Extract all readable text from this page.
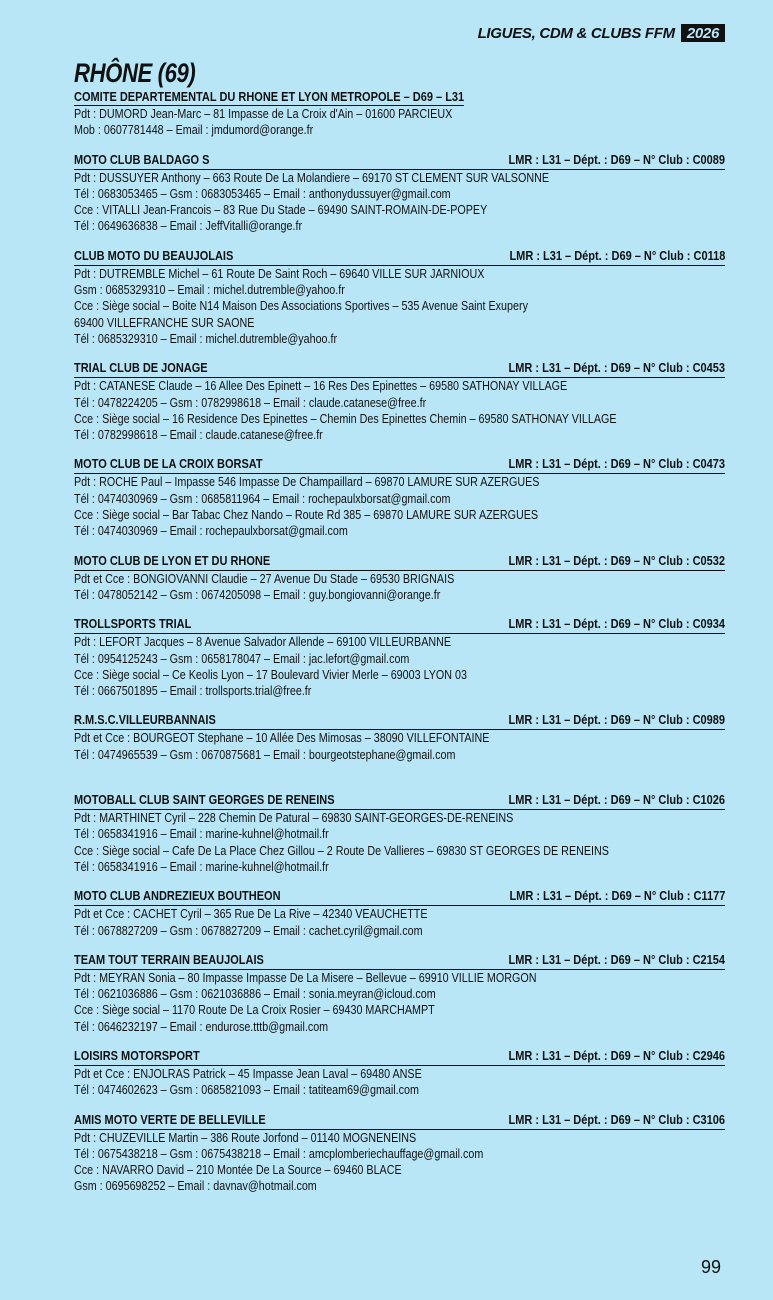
LIGUES, CDM & CLUBS FFM 2026
RHÔNE (69)
COMITE DEPARTEMENTAL DU RHONE ET LYON METROPOLE – D69 – L31
Pdt : DUMORD Jean-Marc – 81 Impasse de La Croix d'Ain – 01600 PARCIEUX
Mob : 0607781448 – Email : jmdumord@orange.fr
MOTO CLUB BALDAGO S	LMR : L31 – Dépt. : D69 – N° Club : C0089
Pdt : DUSSUYER Anthony – 663 Route De La Molandiere – 69170 ST CLEMENT SUR VALSONNE
Tél : 0683053465 – Gsm : 0683053465 – Email : anthonydussuyer@gmail.com
Cce : VITALLI Jean-Francois – 83 Rue Du Stade – 69490 SAINT-ROMAIN-DE-POPEY
Tél : 0649636838 – Email : JeffVitalli@orange.fr
CLUB MOTO DU BEAUJOLAIS	LMR : L31 – Dépt. : D69 – N° Club : C0118
Pdt : DUTREMBLE Michel – 61 Route De Saint Roch – 69640 VILLE SUR JARNIOUX
Gsm : 0685329310 – Email : michel.dutremble@yahoo.fr
Cce : Siège social – Boite N14 Maison Des Associations Sportives – 535 Avenue Saint Exupery
69400 VILLEFRANCHE SUR SAONE
Tél : 0685329310 – Email : michel.dutremble@yahoo.fr
TRIAL CLUB DE JONAGE	LMR : L31 – Dépt. : D69 – N° Club : C0453
Pdt : CATANESE Claude – 16 Allee Des Epinett – 16 Res Des Epinettes – 69580 SATHONAY VILLAGE
Tél : 0478224205 – Gsm : 0782998618 – Email : claude.catanese@free.fr
Cce : Siège social – 16 Residence Des Epinettes – Chemin Des Epinettes Chemin – 69580 SATHONAY VILLAGE
Tél : 0782998618 – Email : claude.catanese@free.fr
MOTO CLUB DE LA CROIX BORSAT	LMR : L31 – Dépt. : D69 – N° Club : C0473
Pdt : ROCHE Paul – Impasse 546 Impasse De Champaillard – 69870 LAMURE SUR AZERGUES
Tél : 0474030969 – Gsm : 0685811964 – Email : rochepaulxborsat@gmail.com
Cce : Siège social – Bar Tabac Chez Nando – Route Rd 385 – 69870 LAMURE SUR AZERGUES
Tél : 0474030969 – Email : rochepaulxborsat@gmail.com
MOTO CLUB DE LYON ET DU RHONE	LMR : L31 – Dépt. : D69 – N° Club : C0532
Pdt et Cce : BONGIOVANNI Claudie – 27 Avenue Du Stade – 69530 BRIGNAIS
Tél : 0478052142 – Gsm : 0674205098 – Email : guy.bongiovanni@orange.fr
TROLLSPORTS TRIAL	LMR : L31 – Dépt. : D69 – N° Club : C0934
Pdt : LEFORT Jacques – 8 Avenue Salvador Allende – 69100 VILLEURBANNE
Tél : 0954125243 – Gsm : 0658178047 – Email : jac.lefort@gmail.com
Cce : Siège social – Ce Keolis Lyon – 17 Boulevard Vivier Merle – 69003 LYON 03
Tél : 0667501895 – Email : trollsports.trial@free.fr
R.M.S.C.VILLEURBANNAIS	LMR : L31 – Dépt. : D69 – N° Club : C0989
Pdt et Cce : BOURGEOT Stephane – 10 Allée Des Mimosas – 38090 VILLEFONTAINE
Tél : 0474965539 – Gsm : 0670875681 – Email : bourgeotstephane@gmail.com
MOTOBALL CLUB SAINT GEORGES DE RENEINS	LMR : L31 – Dépt. : D69 – N° Club : C1026
Pdt : MARTHINET Cyril – 228 Chemin De Patural – 69830 SAINT-GEORGES-DE-RENEINS
Tél : 0658341916 – Email : marine-kuhnel@hotmail.fr
Cce : Siège social – Cafe De La Place Chez Gillou – 2 Route De Vallieres – 69830 ST GEORGES DE RENEINS
Tél : 0658341916 – Email : marine-kuhnel@hotmail.fr
MOTO CLUB ANDREZIEUX BOUTHEON	LMR : L31 – Dépt. : D69 – N° Club : C1177
Pdt et Cce : CACHET Cyril – 365 Rue De La Rive – 42340 VEAUCHETTE
Tél : 0678827209 – Gsm : 0678827209 – Email : cachet.cyril@gmail.com
TEAM TOUT TERRAIN BEAUJOLAIS	LMR : L31 – Dépt. : D69 – N° Club : C2154
Pdt : MEYRAN Sonia – 80 Impasse Impasse De La Misere – Bellevue – 69910 VILLIE MORGON
Tél : 0621036886 – Gsm : 0621036886 – Email : sonia.meyran@icloud.com
Cce : Siège social – 1170 Route De La Croix Rosier – 69430 MARCHAMPT
Tél : 0646232197 – Email : endurose.tttb@gmail.com
LOISIRS MOTORSPORT	LMR : L31 – Dépt. : D69 – N° Club : C2946
Pdt et Cce : ENJOLRAS Patrick – 45 Impasse Jean Laval – 69480 ANSE
Tél : 0474602623 – Gsm : 0685821093 – Email : tatiteam69@gmail.com
AMIS MOTO VERTE DE BELLEVILLE	LMR : L31 – Dépt. : D69 – N° Club : C3106
Pdt : CHUZEVILLE Martin – 386 Route Jorfond – 01140 MOGNENEINS
Tél : 0675438218 – Gsm : 0675438218 – Email : amcplomberiechauffage@gmail.com
Cce : NAVARRO David – 210 Montée De La Source – 69460 BLACE
Gsm : 0695698252 – Email : davnav@hotmail.com
99
